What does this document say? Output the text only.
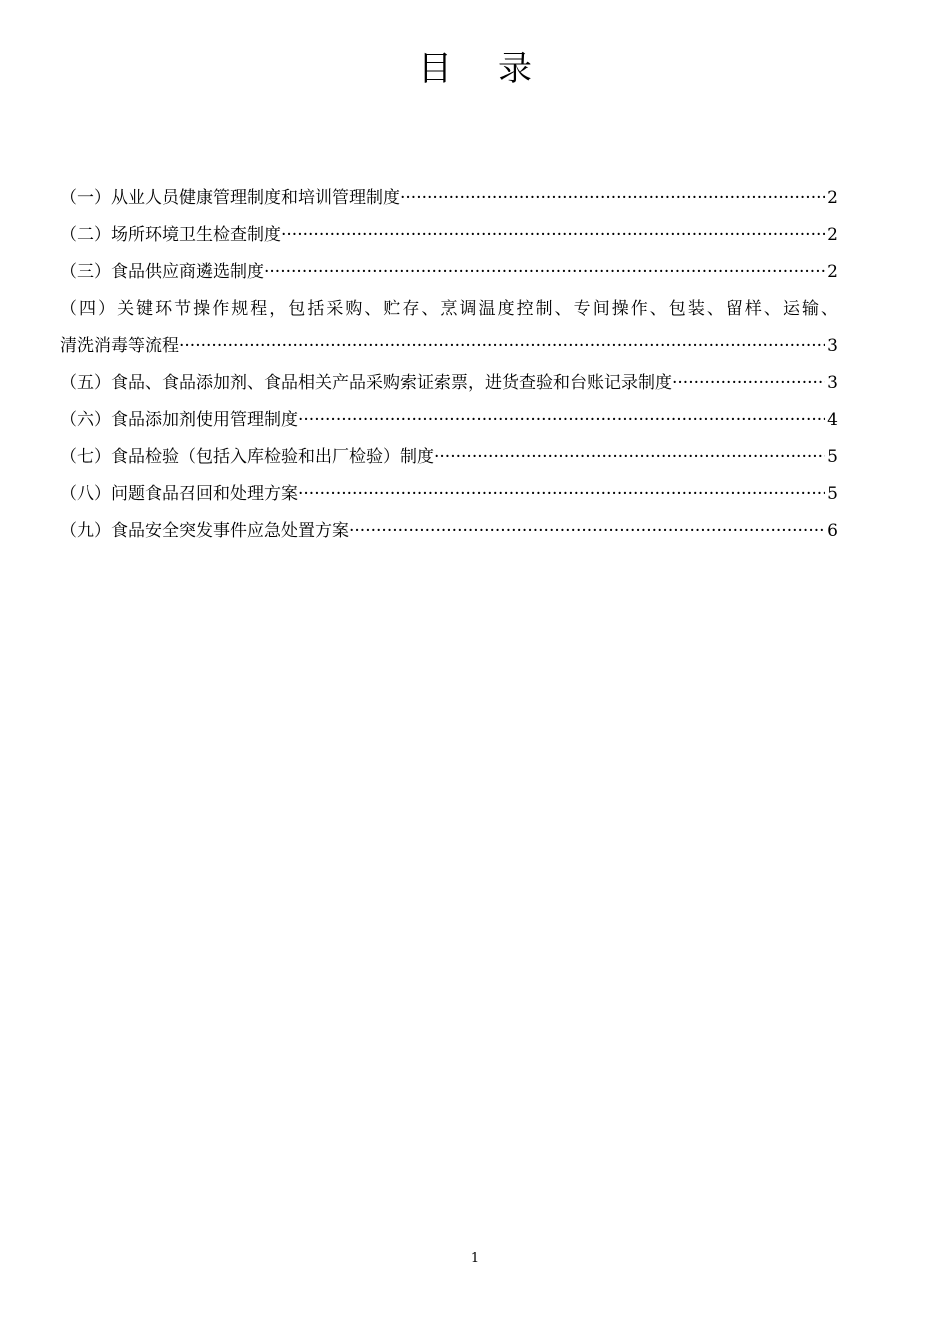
目录
（一）从业人员健康管理制度和培训管理制度 ·····	2
（二）场所环境卫生检查制度 ·····	2
（三）食品供应商遴选制度 ·····	2
（四）关键环节操作规程，包括采购、贮存、烹调温度控制、专间操作、包装、留样、运输、
清洗消毒等流程 ·····	3
（五）食品、食品添加剂、食品相关产品采购索证索票，进货查验和台账记录制度 ·····	3
（六）食品添加剂使用管理制度 ·····	4
（七）食品检验（包括入库检验和出厂检验）制度 ·····	5
（八）问题食品召回和处理方案 ·····	5
（九）食品安全突发事件应急处置方案 ·····	6
1
